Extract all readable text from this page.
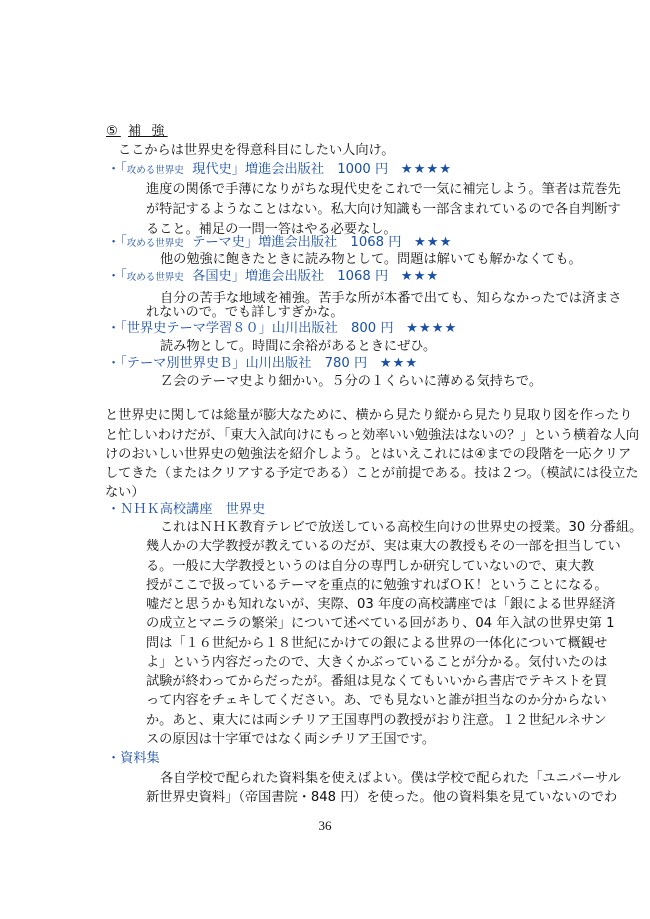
⑤ 補 強
ここからは世界史を得意科目にしたい人向け。
・「攻める世界史 現代史」増進会出版社　1000 円 ★★★★
進度の関係で手薄になりがちな現代史をこれで一気に補完しよう。筆者は荒巻先
が特記するようなことはない。私大向け知識も一部含まれているので各自判断す
ること。補足の一問一答はやる必要なし。
・「攻める世界史 テーマ史」増進会出版社　1068 円 ★★★
他の勉強に飽きたときに読み物として。問題は解いても解かなくても。
・「攻める世界史 各国史」増進会出版社　1068 円 ★★★
自分の苦手な地域を補強。苦手な所が本番で出ても、知らなかったでは済まさ
れないので。でも詳しすぎかな。
・「世界史テーマ学習８０」山川出版社　800 円 ★★★★
読み物として。時間に余裕があるときにぜひ。
・「テーマ別世界史Ｂ」山川出版社　780 円 ★★★
Ｚ会のテーマ史より細かい。５分の１くらいに薄める気持ちで。
と世界史に関しては総量が膨大なために、横から見たり縦から見たり見取り図を作ったり
と忙しいわけだが、「東大入試向けにもっと効率いい勉強法はないの？」という横着な人向
けのおいしい世界史の勉強法を紹介しよう。とはいえこれには④までの段階を一応クリア
してきた（またはクリアする予定である）ことが前提である。技は２つ。（模試には役立た
ない）
・ＮＨＫ高校講座　世界史
これはＮＨＫ教育テレビで放送している高校生向けの世界史の授業。30 分番組。
幾人かの大学教授が教えているのだが、実は東大の教授もその一部を担当してい
る。一般に大学教授というのは自分の専門しか研究していないので、東大教
授がここで扱っているテーマを重点的に勉強すればＯＫ！ということになる。
嘘だと思うかも知れないが、実際、03 年度の高校講座では「銀による世界経済
の成立とマニラの繁栄」について述べている回があり、04 年入試の世界史第 1
問は「１６世紀から１８世紀にかけての銀による世界の一体化について概観せ
よ」という内容だったので、大きくかぶっていることが分かる。気付いたのは
試験が終わってからだったが。番組は見なくてもいいから書店でテキストを買
って内容をチェキしてください。あ、でも見ないと誰が担当なのか分からない
か。あと、東大には両シチリア王国専門の教授がおり注意。１２世紀ルネサン
スの原因は十字軍ではなく両シチリア王国です。
・資料集
各自学校で配られた資料集を使えばよい。僕は学校で配られた「ユニバーサル
新世界史資料」（帝国書院・848 円）を使った。他の資料集を見ていないのでわ
36
